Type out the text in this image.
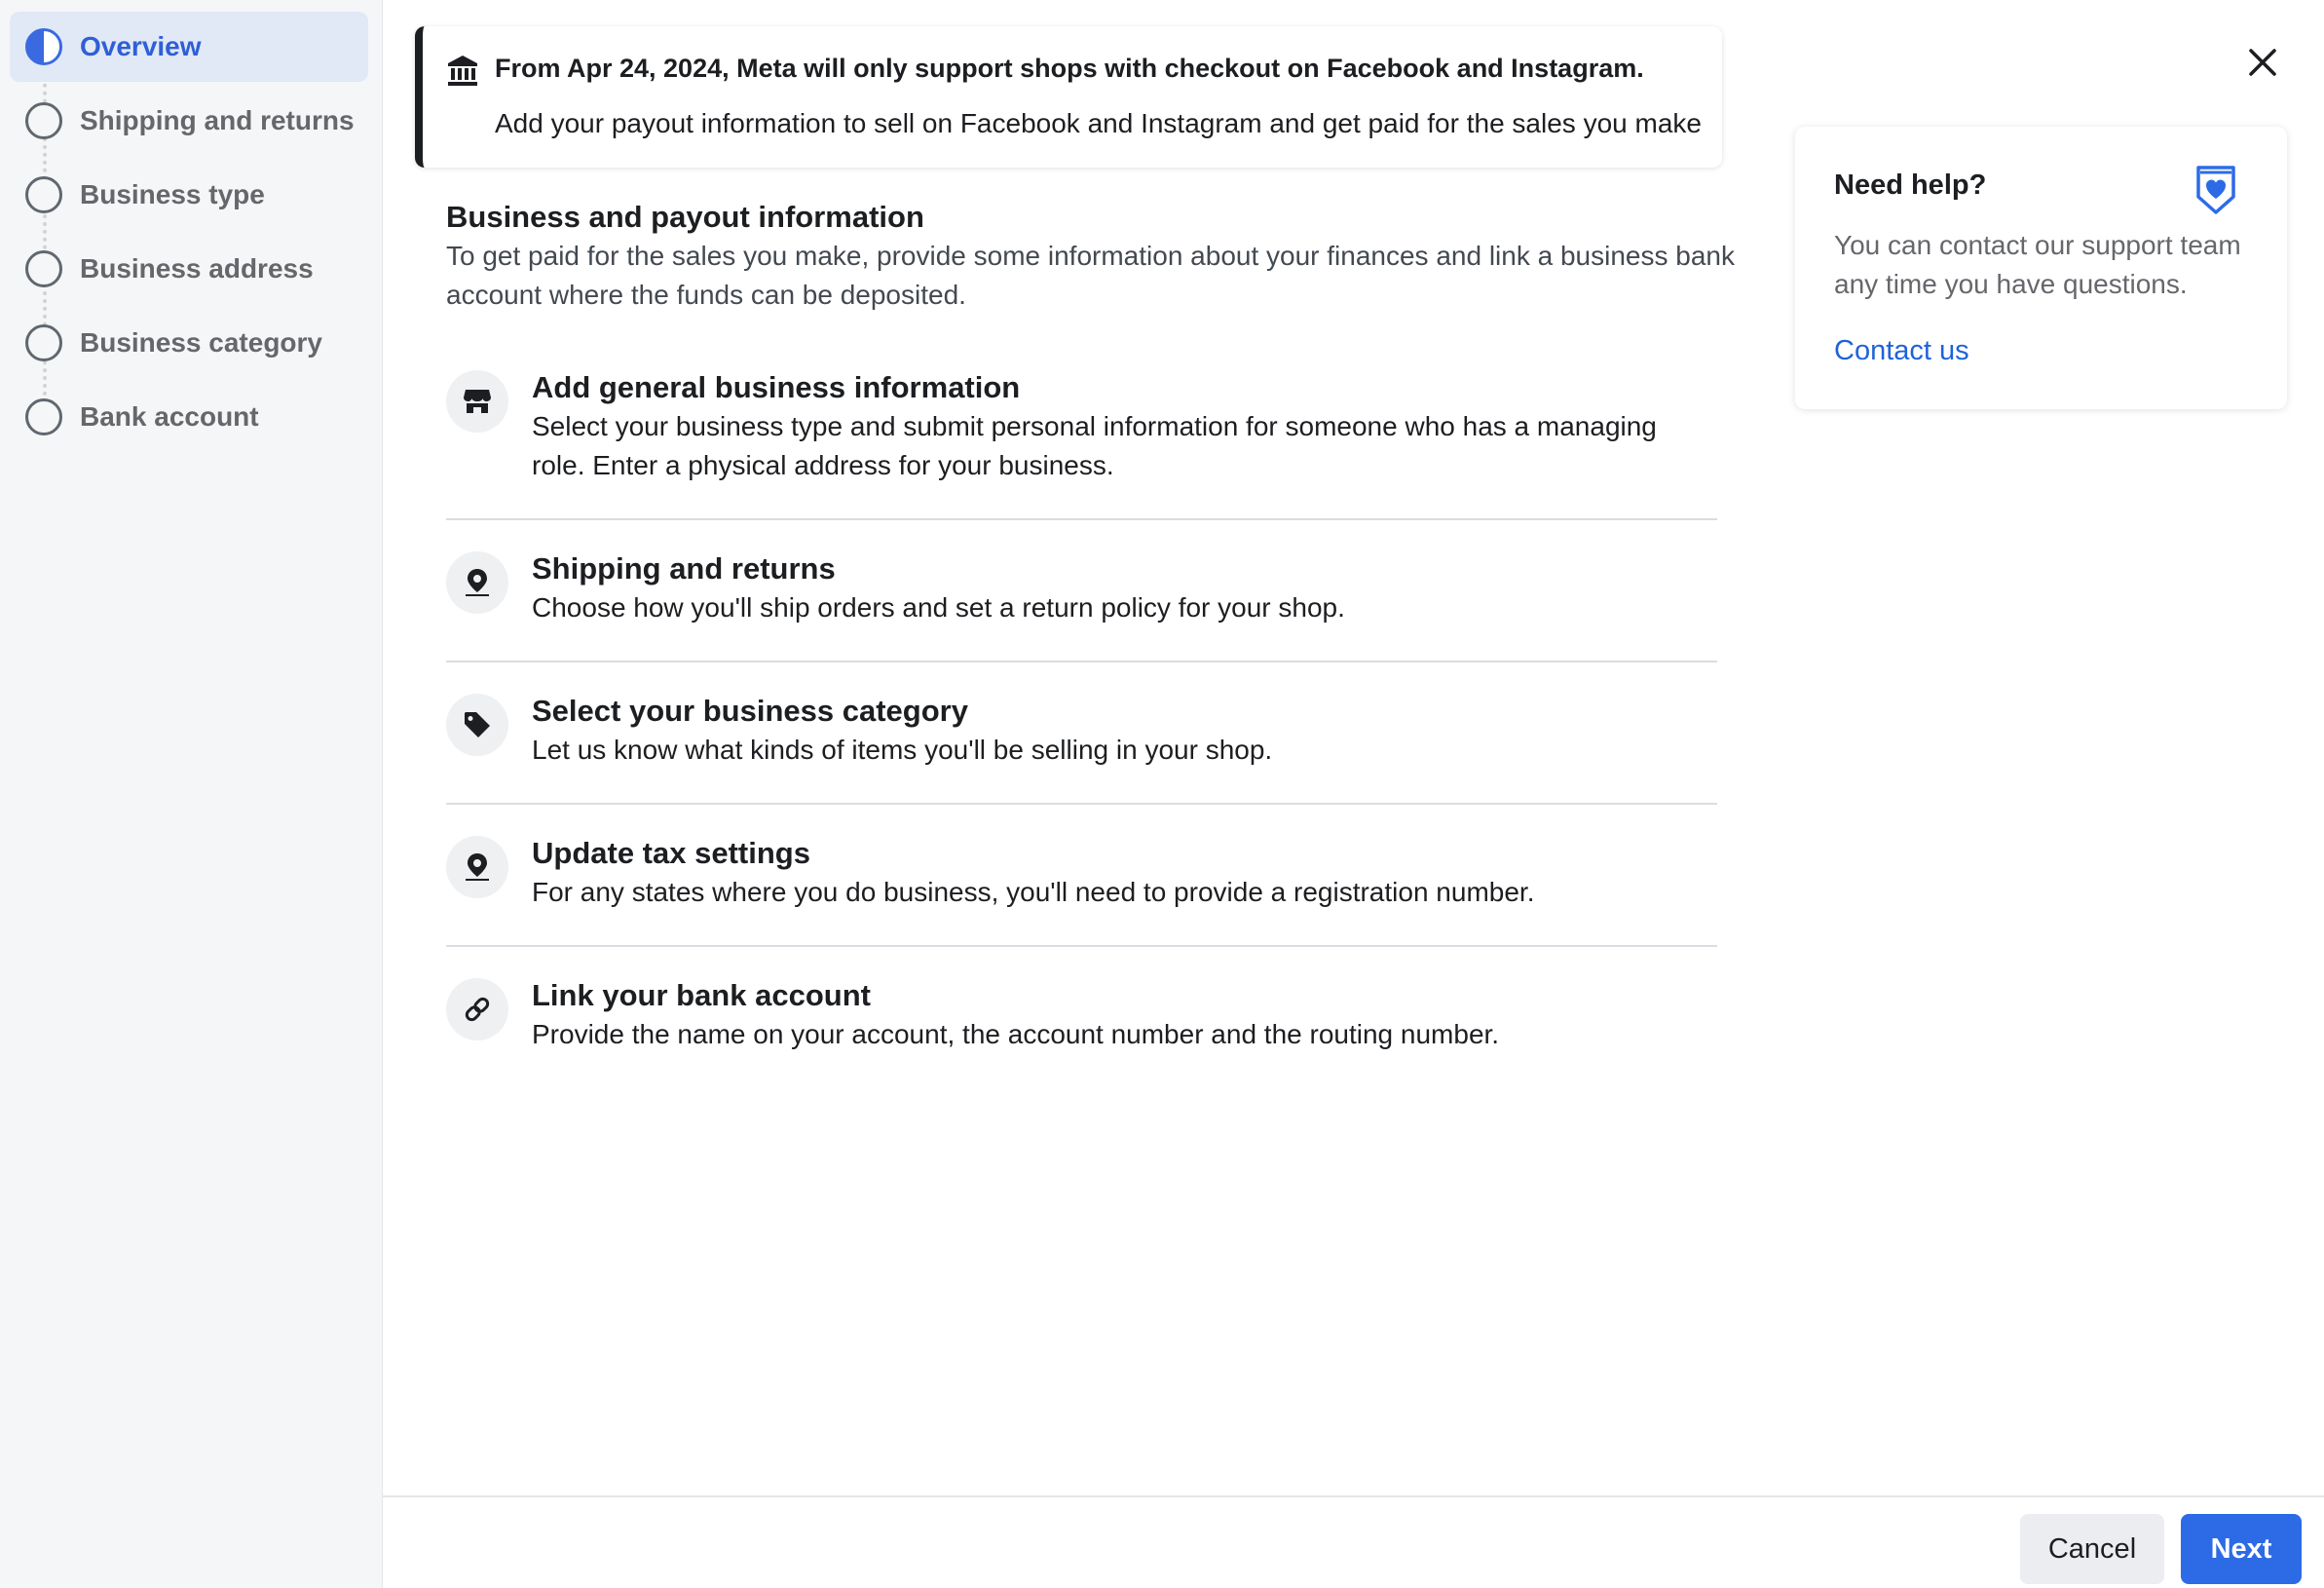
Overview
Shipping and returns
Business type
Business address
Business category
Bank account
From Apr 24, 2024, Meta will only support shops with checkout on Facebook and Instagram.
Add your payout information to sell on Facebook and Instagram and get paid for the sales you make
Business and payout information
To get paid for the sales you make, provide some information about your finances and link a business bank account where the funds can be deposited.
Add general business information
Select your business type and submit personal information for someone who has a managing role. Enter a physical address for your business.
Shipping and returns
Choose how you'll ship orders and set a return policy for your shop.
Select your business category
Let us know what kinds of items you'll be selling in your shop.
Update tax settings
For any states where you do business, you'll need to provide a registration number.
Link your bank account
Provide the name on your account, the account number and the routing number.
Need help?
You can contact our support team any time you have questions.
Contact us
Cancel	Next
